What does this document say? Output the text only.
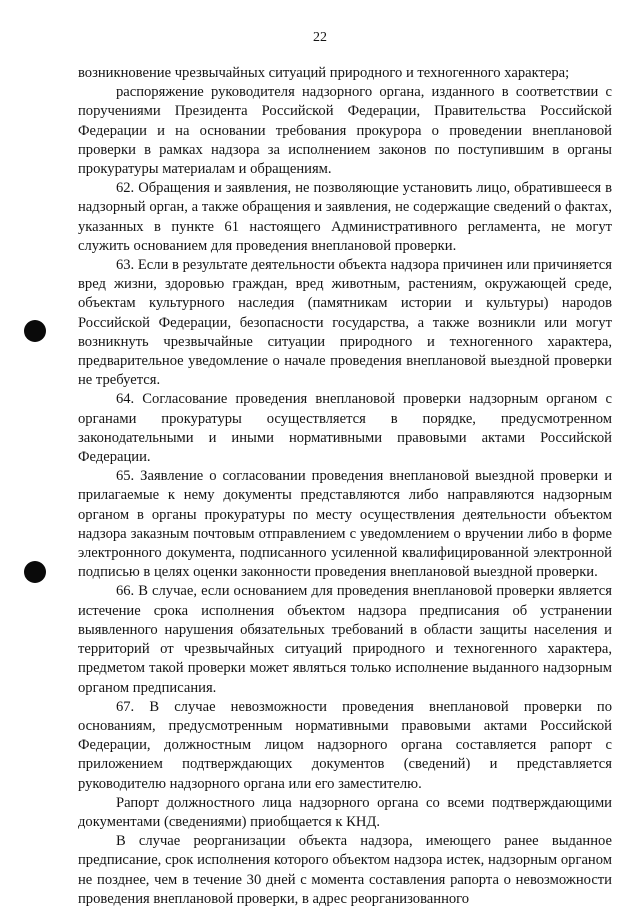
22

возникновение чрезвычайных ситуаций природного и техногенного характера;

распоряжение руководителя надзорного органа, изданного в соответствии с поручениями Президента Российской Федерации, Правительства Российской Федерации и на основании требования прокурора о проведении внеплановой проверки в рамках надзора за исполнением законов по поступившим в органы прокуратуры материалам и обращениям.

62. Обращения и заявления, не позволяющие установить лицо, обратившееся в надзорный орган, а также обращения и заявления, не содержащие сведений о фактах, указанных в пункте 61 настоящего Административного регламента, не могут служить основанием для проведения внеплановой проверки.

63. Если в результате деятельности объекта надзора причинен или причиняется вред жизни, здоровью граждан, вред животным, растениям, окружающей среде, объектам культурного наследия (памятникам истории и культуры) народов Российской Федерации, безопасности государства, а также возникли или могут возникнуть чрезвычайные ситуации природного и техногенного характера, предварительное уведомление о начале проведения внеплановой выездной проверки не требуется.

64. Согласование проведения внеплановой проверки надзорным органом с органами прокуратуры осуществляется в порядке, предусмотренном законодательными и иными нормативными правовыми актами Российской Федерации.

65. Заявление о согласовании проведения внеплановой выездной проверки и прилагаемые к нему документы представляются либо направляются надзорным органом в органы прокуратуры по месту осуществления деятельности объектом надзора заказным почтовым отправлением с уведомлением о вручении либо в форме электронного документа, подписанного усиленной квалифицированной электронной подписью в целях оценки законности проведения внеплановой выездной проверки.

66. В случае, если основанием для проведения внеплановой проверки является истечение срока исполнения объектом надзора предписания об устранении выявленного нарушения обязательных требований в области защиты населения и территорий от чрезвычайных ситуаций природного и техногенного характера, предметом такой проверки может являться только исполнение выданного надзорным органом предписания.

67. В случае невозможности проведения внеплановой проверки по основаниям, предусмотренным нормативными правовыми актами Российской Федерации, должностным лицом надзорного органа составляется рапорт с приложением подтверждающих документов (сведений) и представляется руководителю надзорного органа или его заместителю.

Рапорт должностного лица надзорного органа со всеми подтверждающими документами (сведениями) приобщается к КНД.

В случае реорганизации объекта надзора, имеющего ранее выданное предписание, срок исполнения которого объектом надзора истек, надзорным органом не позднее, чем в течение 30 дней с момента составления рапорта о невозможности проведения внеплановой проверки, в адрес реорганизованного
